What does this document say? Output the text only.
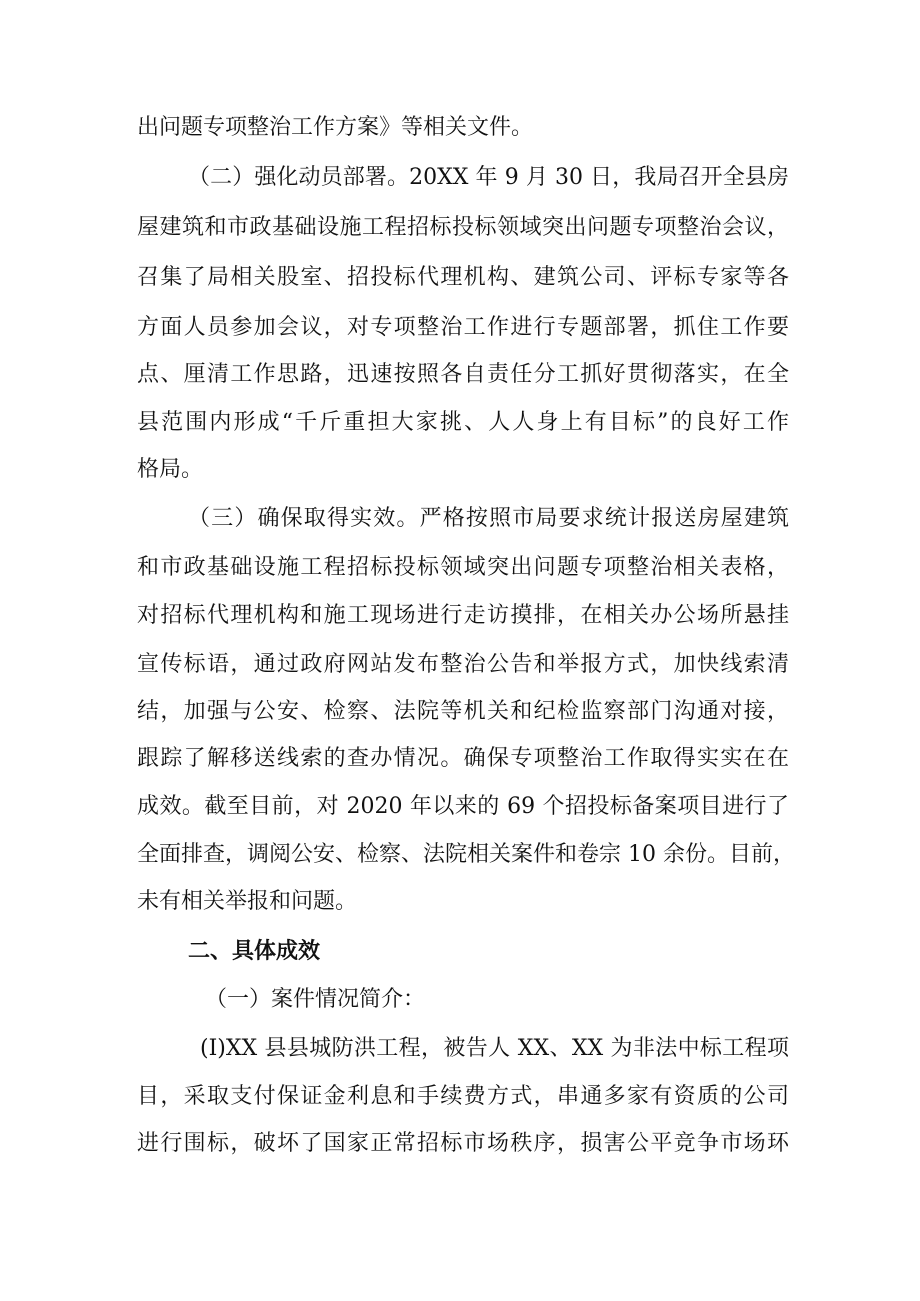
出问题专项整治工作方案》等相关文件。
（二）强化动员部署。20XX 年 9 月 30 日，我局召开全县房
屋建筑和市政基础设施工程招标投标领域突出问题专项整治会议，
召集了局相关股室、招投标代理机构、建筑公司、评标专家等各
方面人员参加会议，对专项整治工作进行专题部署，抓住工作要
点、厘清工作思路，迅速按照各自责任分工抓好贯彻落实，在全
县范围内形成“千斤重担大家挑、人人身上有目标”的良好工作
格局。
（三）确保取得实效。严格按照市局要求统计报送房屋建筑
和市政基础设施工程招标投标领域突出问题专项整治相关表格，
对招标代理机构和施工现场进行走访摸排，在相关办公场所悬挂
宣传标语，通过政府网站发布整治公告和举报方式，加快线索清
结，加强与公安、检察、法院等机关和纪检监察部门沟通对接，
跟踪了解移送线索的查办情况。确保专项整治工作取得实实在在
成效。截至目前，对 2020 年以来的 69 个招投标备案项目进行了
全面排查，调阅公安、检察、法院相关案件和卷宗 10 余份。目前，
未有相关举报和问题。
二、具体成效
（一）案件情况简介：
(I)XX 县县城防洪工程，被告人 XX、XX 为非法中标工程项
目，采取支付保证金利息和手续费方式，串通多家有资质的公司
进行围标，破坏了国家正常招标市场秩序，损害公平竞争市场环
